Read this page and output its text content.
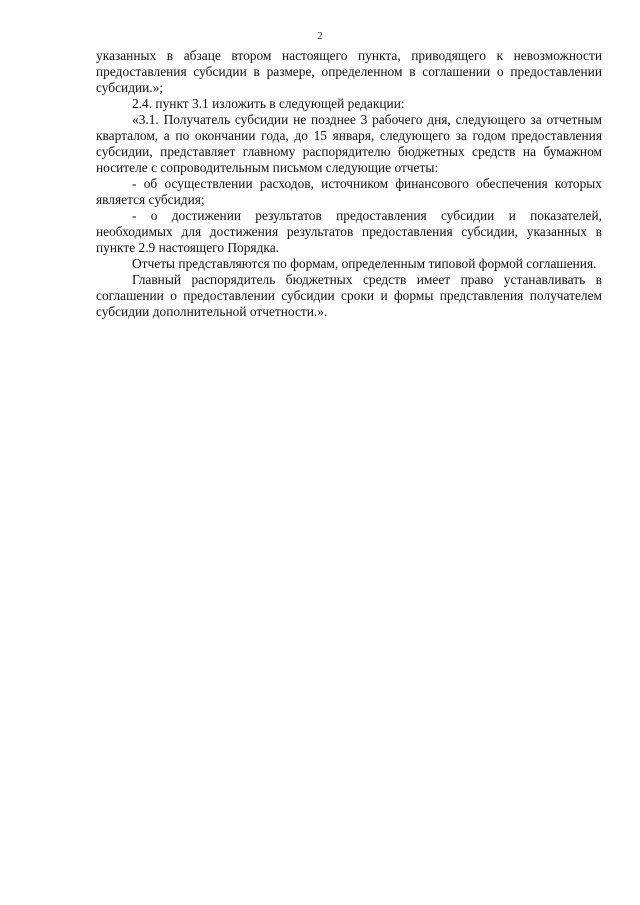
2

указанных в абзаце втором настоящего пункта, приводящего к невозможности предоставления субсидии в размере, определенном в соглашении о предоставлении субсидии.»;

2.4. пункт 3.1 изложить в следующей редакции:

«3.1. Получатель субсидии не позднее 3 рабочего дня, следующего за отчетным кварталом, а по окончании года, до 15 января, следующего за годом предоставления субсидии, представляет главному распорядителю бюджетных средств на бумажном носителе с сопроводительным письмом следующие отчеты:

- об осуществлении расходов, источником финансового обеспечения которых является субсидия;

- о достижении результатов предоставления субсидии и показателей, необходимых для достижения результатов предоставления субсидии, указанных в пункте 2.9 настоящего Порядка.

Отчеты представляются по формам, определенным типовой формой соглашения.

Главный распорядитель бюджетных средств имеет право устанавливать в соглашении о предоставлении субсидии сроки и формы представления получателем субсидии дополнительной отчетности.».
